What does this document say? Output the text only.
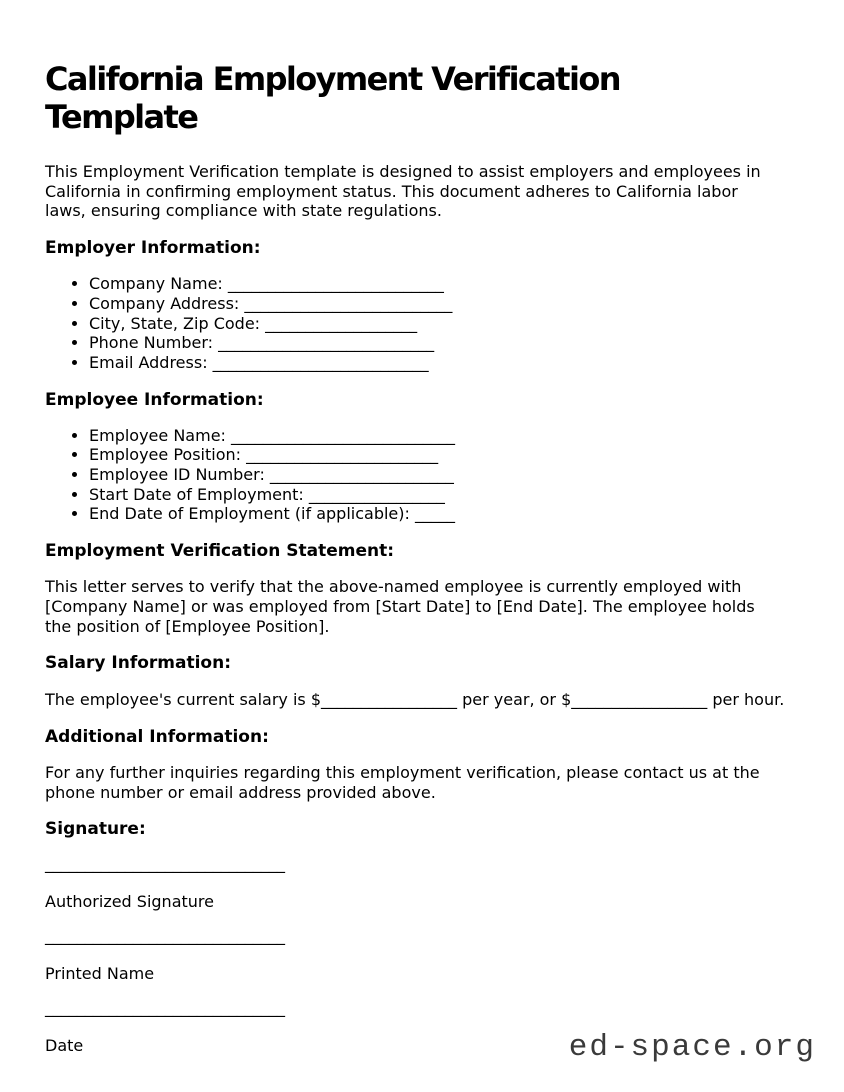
California Employment Verification
Template
This Employment Verification template is designed to assist employers and employees in
California in confirming employment status. This document adheres to California labor
laws, ensuring compliance with state regulations.
Employer Information:
• Company Name: ___________________________
• Company Address: __________________________
• City, State, Zip Code: ___________________
• Phone Number: ___________________________
• Email Address: ___________________________
Employee Information:
• Employee Name: ____________________________
• Employee Position: ________________________
• Employee ID Number: _______________________
• Start Date of Employment: _________________
• End Date of Employment (if applicable): _____
Employment Verification Statement:
This letter serves to verify that the above-named employee is currently employed with
[Company Name] or was employed from [Start Date] to [End Date]. The employee holds
the position of [Employee Position].
Salary Information:
The employee's current salary is $_________________ per year, or $_________________ per hour.
Additional Information:
For any further inquiries regarding this employment verification, please contact us at the
phone number or email address provided above.
Signature:
______________________________
Authorized Signature
______________________________
Printed Name
______________________________
Date	ed-space.org
